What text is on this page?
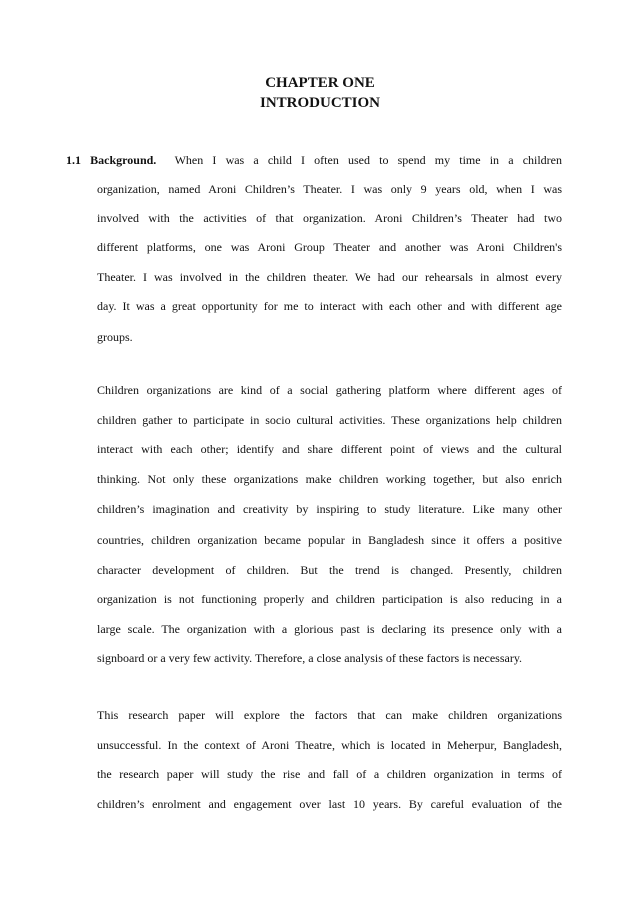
CHAPTER ONE
INTRODUCTION
1.1 Background. When I was a child I often used to spend my time in a children
organization, named Aroni Children’s Theater. I was only 9 years old, when I was
involved with the activities of that organization. Aroni Children’s Theater had two
different platforms, one was Aroni Group Theater and another was Aroni Children's
Theater. I was involved in the children theater. We had our rehearsals in almost every
day. It was a great opportunity for me to interact with each other and with different age
groups.
Children organizations are kind of a social gathering platform where different ages of
children gather to participate in socio cultural activities. These organizations help children
interact with each other; identify and share different point of views and the cultural
thinking. Not only these organizations make children working together, but also enrich
children’s imagination and creativity by inspiring to study literature. Like many other
countries, children organization became popular in Bangladesh since it offers a positive
character development of children. But the trend is changed. Presently, children
organization is not functioning properly and children participation is also reducing in a
large scale. The organization with a glorious past is declaring its presence only with a
signboard or a very few activity. Therefore, a close analysis of these factors is necessary.
This research paper will explore the factors that can make children organizations
unsuccessful. In the context of Aroni Theatre, which is located in Meherpur, Bangladesh,
the research paper will study the rise and fall of a children organization in terms of
children’s enrolment and engagement over last 10 years. By careful evaluation of the
